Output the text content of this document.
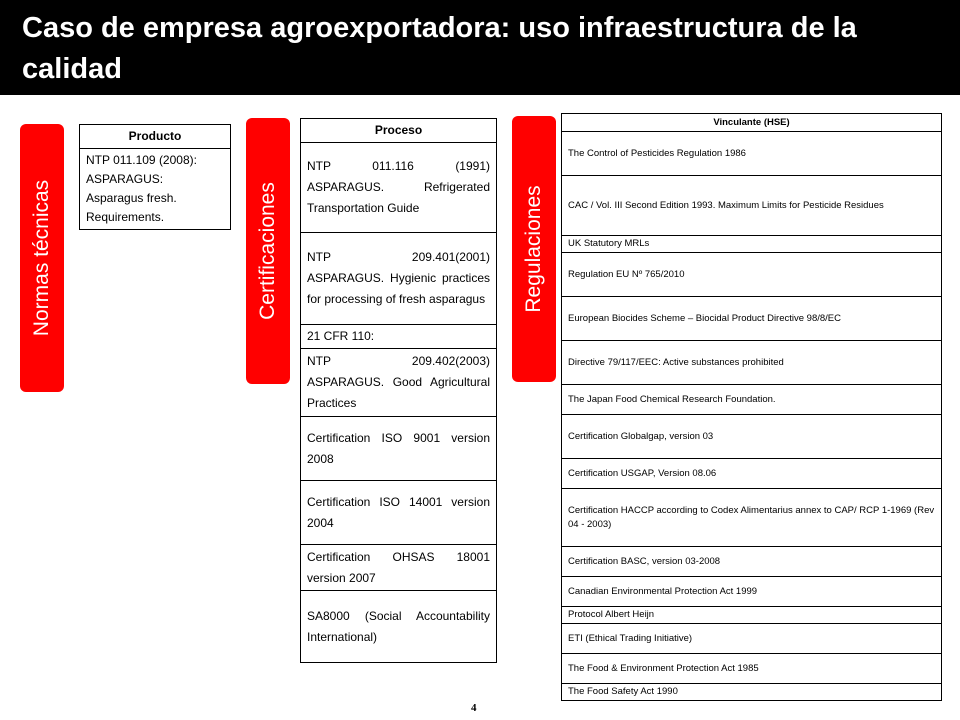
Caso de empresa agroexportadora: uso infraestructura de la calidad
Normas técnicas	Certificaciones	Regulaciones
Producto

NTP 011.109 (2008):
ASPARAGUS:
Asparagus fresh.
Requirements.
Proceso
NTP 011.116 (1991) ASPARAGUS. Refrigerated Transportation Guide
NTP 209.401(2001) ASPARAGUS. Hygienic practices for processing of fresh asparagus
21 CFR 110:
NTP 209.402(2003) ASPARAGUS. Good Agricultural Practices
Certification ISO 9001 version 2008
Certification ISO 14001 version 2004
Certification OHSAS 18001 version 2007
SA8000 (Social Accountability International)
Vinculante (HSE)
The Control of Pesticides Regulation 1986
CAC / Vol. III Second Edition 1993. Maximum Limits for Pesticide Residues
UK Statutory MRLs
Regulation EU Nº 765/2010
European Biocides Scheme – Biocidal Product Directive 98/8/EC
Directive 79/117/EEC: Active substances prohibited
The Japan Food Chemical Research Foundation.
Certification Globalgap, version 03
Certification USGAP, Version 08.06
Certification HACCP according to Codex Alimentarius annex to CAP/ RCP 1-1969 (Rev 04 - 2003)
Certification BASC, version 03-2008
Canadian Environmental Protection Act 1999
Protocol Albert Heijn
ETI (Ethical Trading Initiative)
The Food & Environment Protection Act 1985
The Food Safety Act 1990
4
